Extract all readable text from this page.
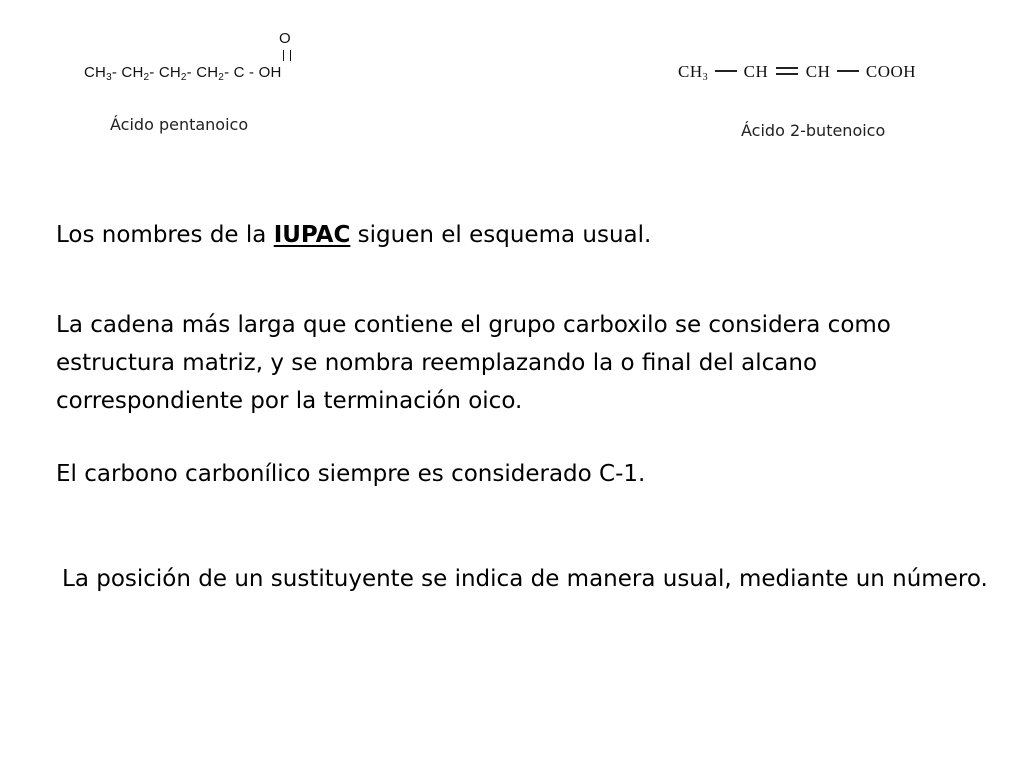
O
$CH_3-$ $CH_2-$ $CH_2-$ $CH_2-$ C - OH	$CH_3$ CH CH COOH
Ácido pentanoico	Ácido 2-butenoico
Los nombres de la IUPAC siguen el esquema usual.
La cadena más larga que contiene el grupo carboxilo se considera como estructura matriz, y se nombra reemplazando la o final del alcano correspondiente por la terminación oico.
El carbono carbonílico siempre es considerado C-1.
La posición de un sustituyente se indica de manera usual, mediante un número.
